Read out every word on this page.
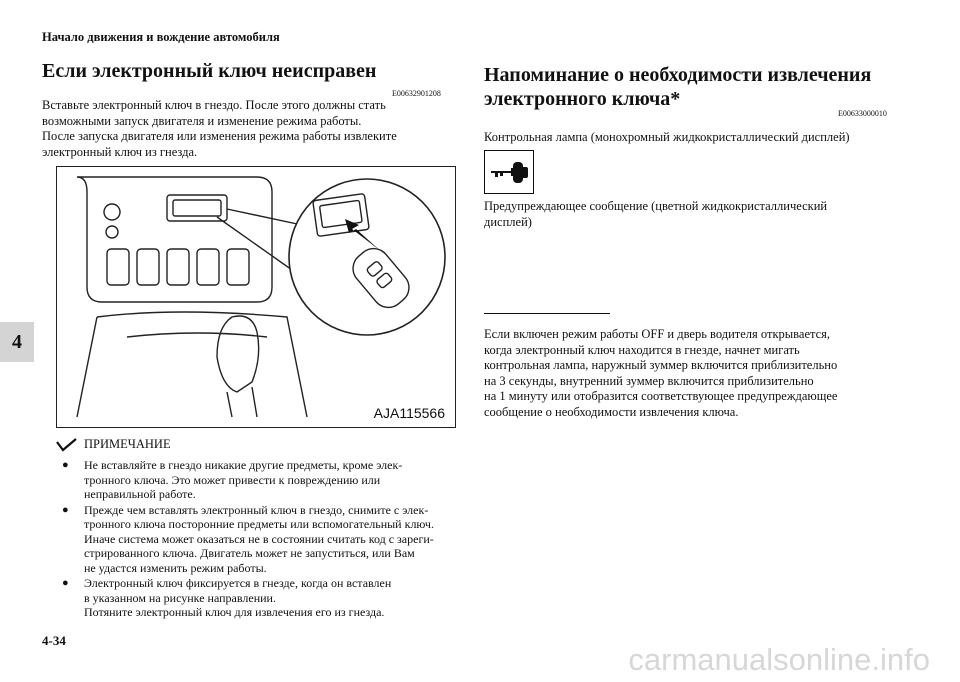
Начало движения и вождение автомобиля
Если электронный ключ неисправен
E00632901208

Вставьте электронный ключ в гнездо. После этого должны стать

возможными запуск двигателя и изменение режима работы.

После запуска двигателя или изменения режима работы извлеките

электронный ключ из гнезда.

AJA115566
ПРИМЕЧАНИЕ
● Не вставляйте в гнездо никакие другие предметы, кроме элек-

тронного ключа. Это может привести к повреждению или

неправильной работе.

● Прежде чем вставлять электронный ключ в гнездо, снимите с элек-

тронного ключа посторонние предметы или вспомогательный ключ.

Иначе система может оказаться не в состоянии считать код с зареги-

стрированного ключа. Двигатель может не запуститься, или Вам

не удастся изменить режим работы.

● Электронный ключ фиксируется в гнезде, когда он вставлен

в указанном на рисунке направлении.

Потяните электронный ключ для извлечения его из гнезда.

Напоминание о необходимости извлечения

электронного ключа*

E00633000010
Контрольная лампа (монохромный жидкокристаллический дисплей)

Предупреждающее сообщение (цветной жидкокристаллический

дисплей)

Если включен режим работы OFF и дверь водителя открывается,

когда электронный ключ находится в гнезде, начнет мигать

контрольная лампа, наружный зуммер включится приблизительно

на 3 секунды, внутренний зуммер включится приблизительно

на 1 минуту или отобразится соответствующее предупреждающее

сообщение о необходимости извлечения ключа.

4
4-34
carmanualsonline.info
